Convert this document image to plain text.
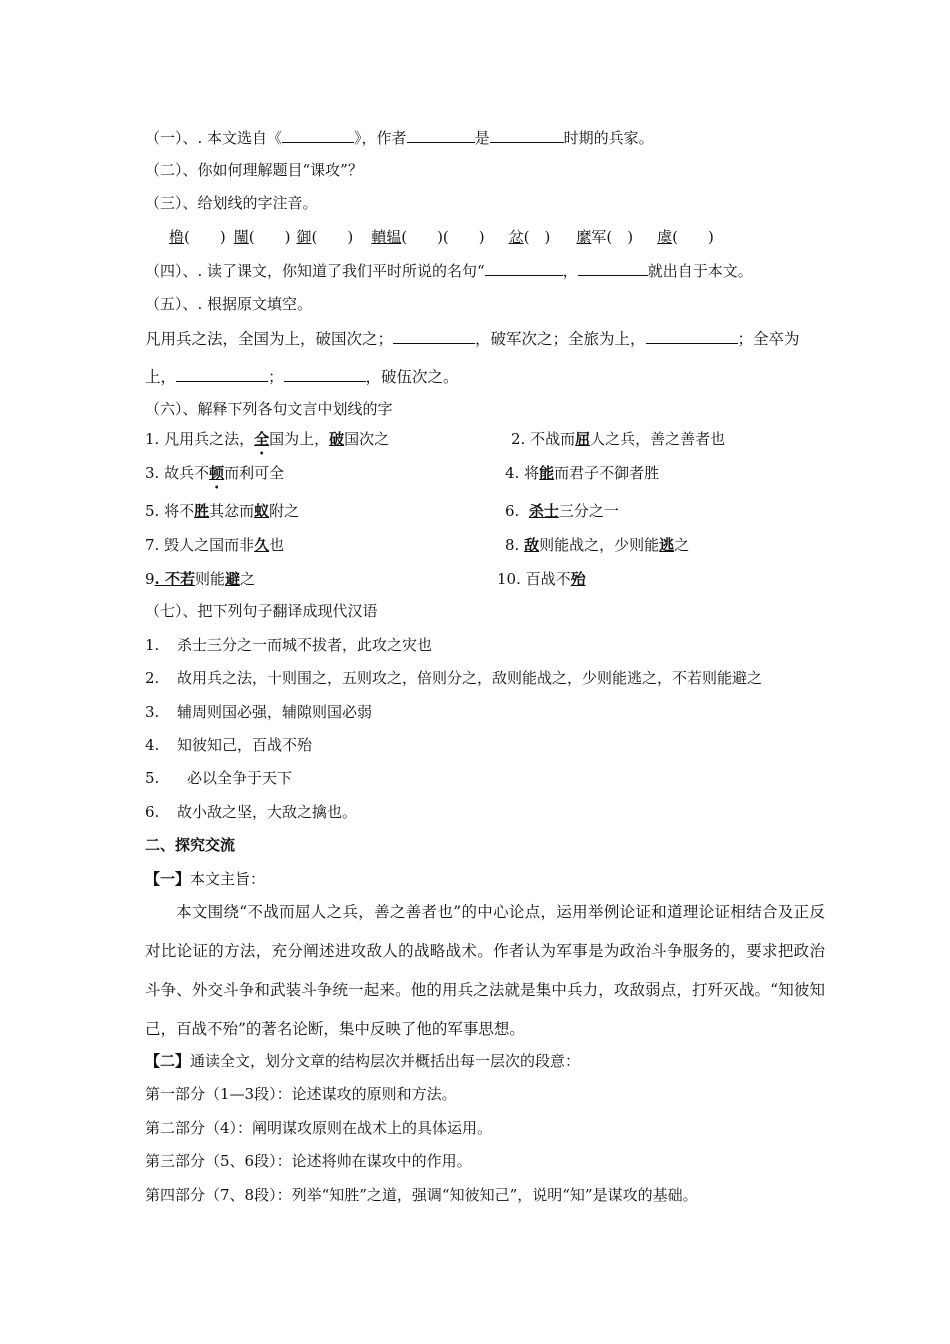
（一）、. 本文选自《	》，作者	是	时期的兵家。
（二）、你如何理解题目“课攻”？
（三）、给划线的字注音。
橹(　　) 闉(　　) 御(　　) 轒辒(　　)(　　) 忿(　) 縻军(　) 虞(　　)
（四）、. 读了课文，你知道了我们平时所说的名句“	，	就出自于本文。
（五）、. 根据原文填空。
凡用兵之法，全国为上，破国次之；	，破军次之；全旅为上，	；全卒为
上，	；	，破伍次之。
（六）、解释下列各句文言中划线的字
1. 凡用兵之法，全国为上，破国次之	2. 不战而屈人之兵，善之善者也
3. 故兵不顿而利可全	4. 将能而君子不御者胜
5. 将不胜其忿而蚁附之	6.  杀士三分之一
7. 毁人之国而非久也	8. 敌则能战之，少则能逃之
9. 不若则能避之	10. 百战不殆
（七）、把下列句子翻译成现代汉语
1. 杀士三分之一而城不拔者，此攻之灾也
2. 故用兵之法，十则围之，五则攻之，倍则分之，敌则能战之，少则能逃之，不若则能避之
3. 辅周则国必强，辅隙则国必弱
4. 知彼知己，百战不殆
5. 必以全争于天下
6. 故小敌之坚，大敌之擒也。
二、探究交流
【一】本文主旨：
本文围绕“不战而屈人之兵，善之善者也”的中心论点，运用举例论证和道理论证相结合及正反对比论证的方法，充分阐述进攻敌人的战略战术。作者认为军事是为政治斗争服务的，要求把政治斗争、外交斗争和武装斗争统一起来。他的用兵之法就是集中兵力，攻敌弱点，打歼灭战。“知彼知己，百战不殆”的著名论断，集中反映了他的军事思想。
【二】通读全文，划分文章的结构层次并概括出每一层次的段意：
第一部分（1—3段）：论述谋攻的原则和方法。
第二部分（4）：阐明谋攻原则在战术上的具体运用。
第三部分（5、6段）：论述将帅在谋攻中的作用。
第四部分（7、8段）：列举“知胜”之道，强调“知彼知己”，说明“知”是谋攻的基础。
